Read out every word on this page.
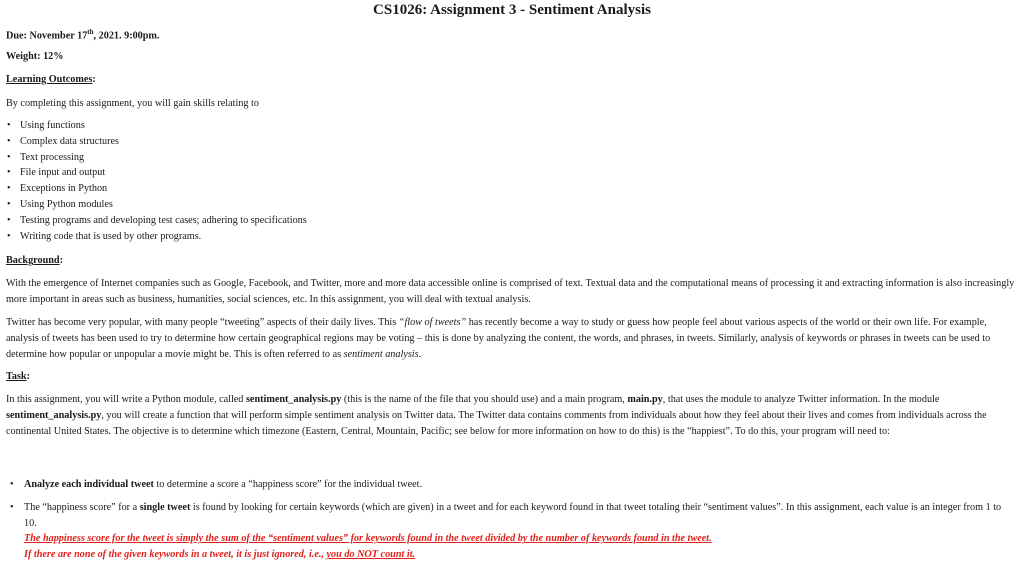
CS1026: Assignment 3 - Sentiment Analysis
Due: November 17th, 2021. 9:00pm.
Weight: 12%
Learning Outcomes:
By completing this assignment, you will gain skills relating to
• Using functions
• Complex data structures
• Text processing
• File input and output
• Exceptions in Python
• Using Python modules
• Testing programs and developing test cases; adhering to specifications
• Writing code that is used by other programs.
Background:
With the emergence of Internet companies such as Google, Facebook, and Twitter, more and more data accessible online is comprised of text. Textual data and the computational means of processing it and extracting information is also increasingly more important in areas such as business, humanities, social sciences, etc. In this assignment, you will deal with textual analysis.
Twitter has become very popular, with many people “tweeting” aspects of their daily lives. This “flow of tweets” has recently become a way to study or guess how people feel about various aspects of the world or their own life. For example, analysis of tweets has been used to try to determine how certain geographical regions may be voting – this is done by analyzing the content, the words, and phrases, in tweets. Similarly, analysis of keywords or phrases in tweets can be used to determine how popular or unpopular a movie might be. This is often referred to as sentiment analysis.
Task:
In this assignment, you will write a Python module, called sentiment_analysis.py (this is the name of the file that you should use) and a main program, main.py, that uses the module to analyze Twitter information. In the module sentiment_analysis.py, you will create a function that will perform simple sentiment analysis on Twitter data. The Twitter data contains comments from individuals about how they feel about their lives and comes from individuals across the continental United States. The objective is to determine which timezone (Eastern, Central, Mountain, Pacific; see below for more information on how to do this) is the “happiest”. To do this, your program will need to:
• Analyze each individual tweet to determine a score a “happiness score” for the individual tweet.
• The “happiness score” for a single tweet is found by looking for certain keywords (which are given) in a tweet and for each keyword found in that tweet totaling their “sentiment values”. In this assignment, each value is an integer from 1 to 10.
The happiness score for the tweet is simply the sum of the “sentiment values” for keywords found in the tweet divided by the number of keywords found in the tweet.
If there are none of the given keywords in a tweet, it is just ignored, i.e., you do NOT count it.
